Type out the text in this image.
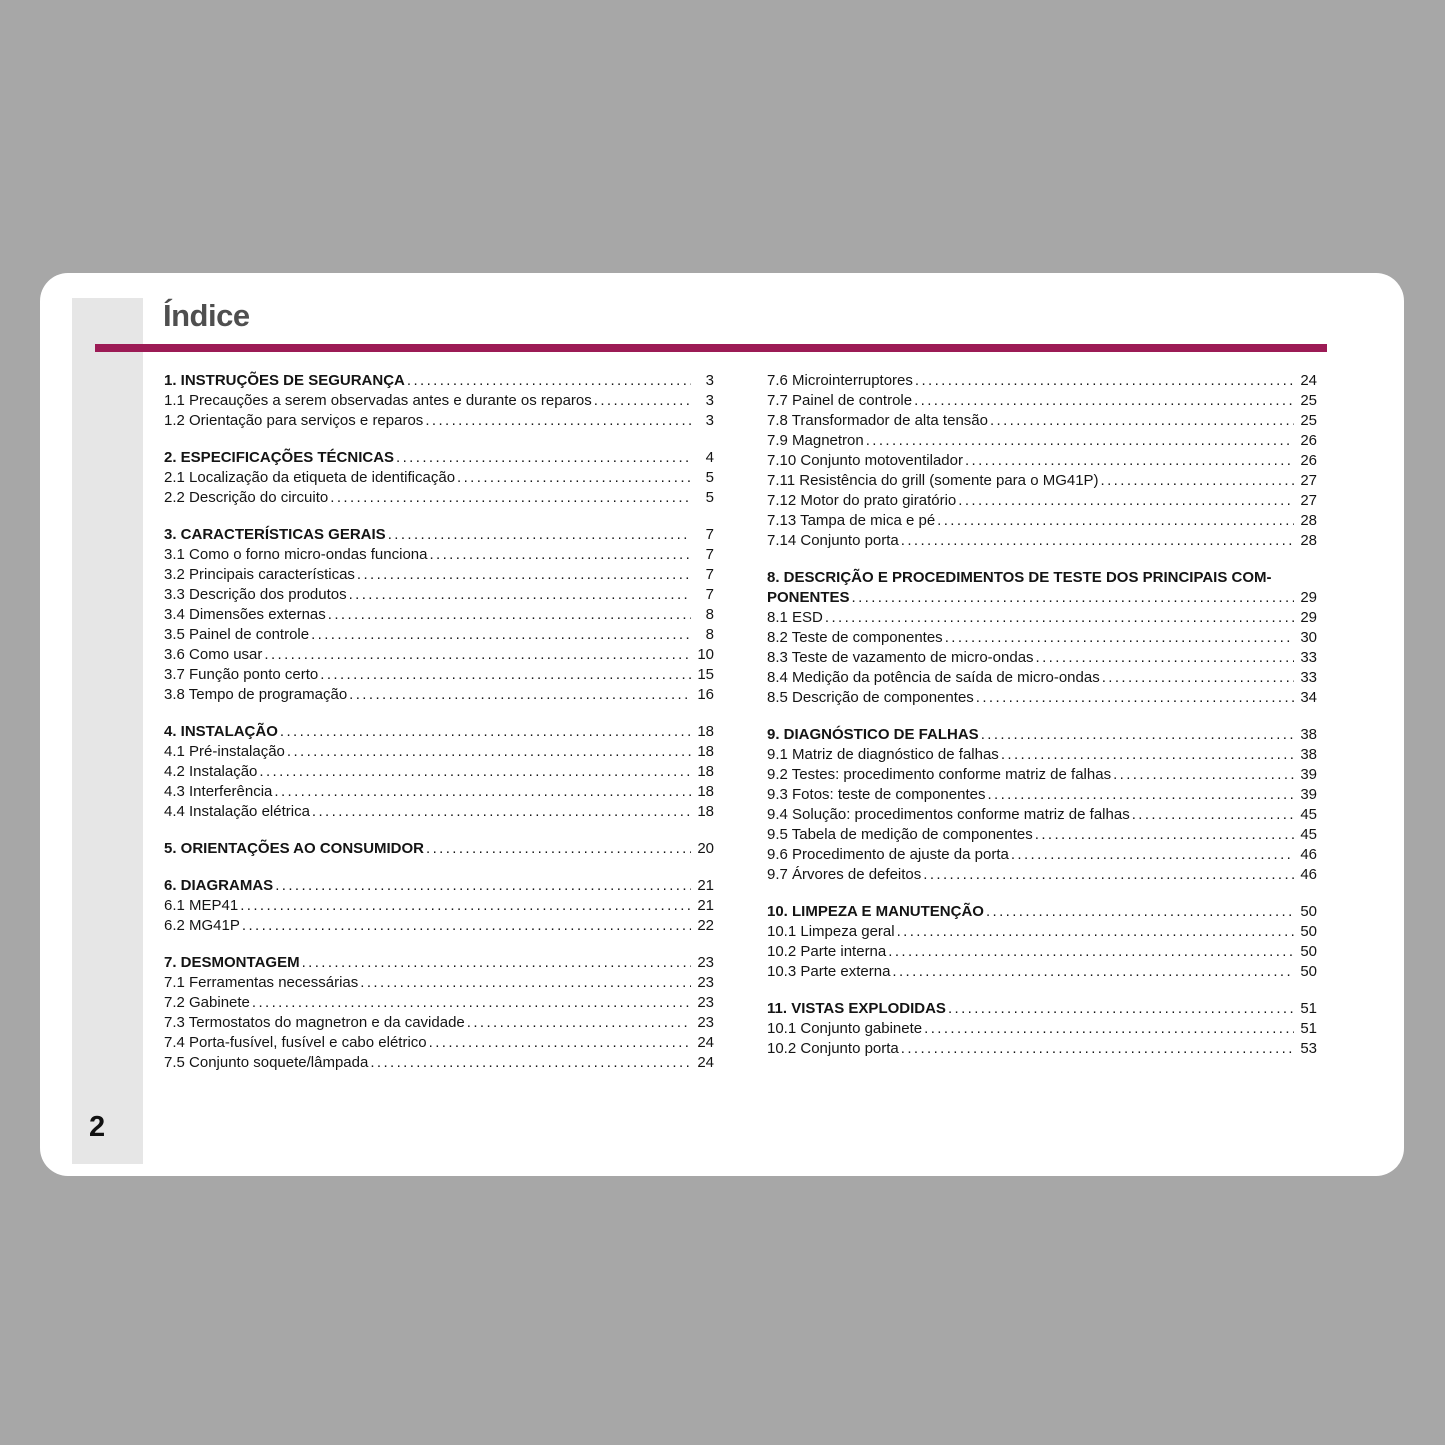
Índice
1. INSTRUÇÕES DE SEGURANÇA .....	3
1.1 Precauções a serem observadas antes e durante os reparos .....	3
1.2 Orientação para serviços e reparos .....	3
2. ESPECIFICAÇÕES TÉCNICAS .....	4
2.1 Localização da etiqueta de identificação .....	5
2.2 Descrição do circuito .....	5
3. CARACTERÍSTICAS GERAIS .....	7
3.1 Como o forno micro-ondas funciona .....	7
3.2 Principais características .....	7
3.3 Descrição dos produtos .....	7
3.4 Dimensões externas .....	8
3.5 Painel de controle .....	8
3.6 Como usar .....	10
3.7 Função ponto certo .....	15
3.8 Tempo de programação .....	16
4. INSTALAÇÃO .....	18
4.1 Pré-instalação .....	18
4.2 Instalação .....	18
4.3 Interferência .....	18
4.4 Instalação elétrica .....	18
5. ORIENTAÇÕES AO CONSUMIDOR .....	20
6. DIAGRAMAS .....	21
6.1 MEP41 .....	21
6.2 MG41P .....	22
7. DESMONTAGEM .....	23
7.1 Ferramentas necessárias .....	23
7.2 Gabinete .....	23
7.3 Termostatos do magnetron e da cavidade .....	23
7.4 Porta-fusível, fusível e cabo elétrico .....	24
7.5 Conjunto soquete/lâmpada .....	24
7.6 Microinterruptores .....	24
7.7 Painel de controle .....	25
7.8 Transformador de alta tensão .....	25
7.9 Magnetron .....	26
7.10 Conjunto motoventilador .....	26
7.11 Resistência do grill (somente para o MG41P) .....	27
7.12 Motor do prato giratório .....	27
7.13 Tampa de mica e pé .....	28
7.14 Conjunto porta .....	28
8. DESCRIÇÃO E PROCEDIMENTOS DE TESTE DOS PRINCIPAIS COM-
PONENTES .....	29
8.1 ESD .....	29
8.2 Teste de componentes .....	30
8.3 Teste de vazamento de micro-ondas .....	33
8.4 Medição da potência de saída de micro-ondas .....	33
8.5 Descrição de componentes .....	34
9. DIAGNÓSTICO DE FALHAS .....	38
9.1 Matriz de diagnóstico de falhas .....	38
9.2 Testes: procedimento conforme matriz de falhas .....	39
9.3 Fotos: teste de componentes .....	39
9.4 Solução: procedimentos conforme matriz de falhas .....	45
9.5 Tabela de medição de componentes .....	45
9.6 Procedimento de ajuste da porta .....	46
9.7 Árvores de defeitos .....	46
10. LIMPEZA E MANUTENÇÃO .....	50
10.1 Limpeza geral .....	50
10.2 Parte interna .....	50
10.3 Parte externa .....	50
11. VISTAS EXPLODIDAS .....	51
10.1 Conjunto gabinete .....	51
10.2 Conjunto porta .....	53
2
